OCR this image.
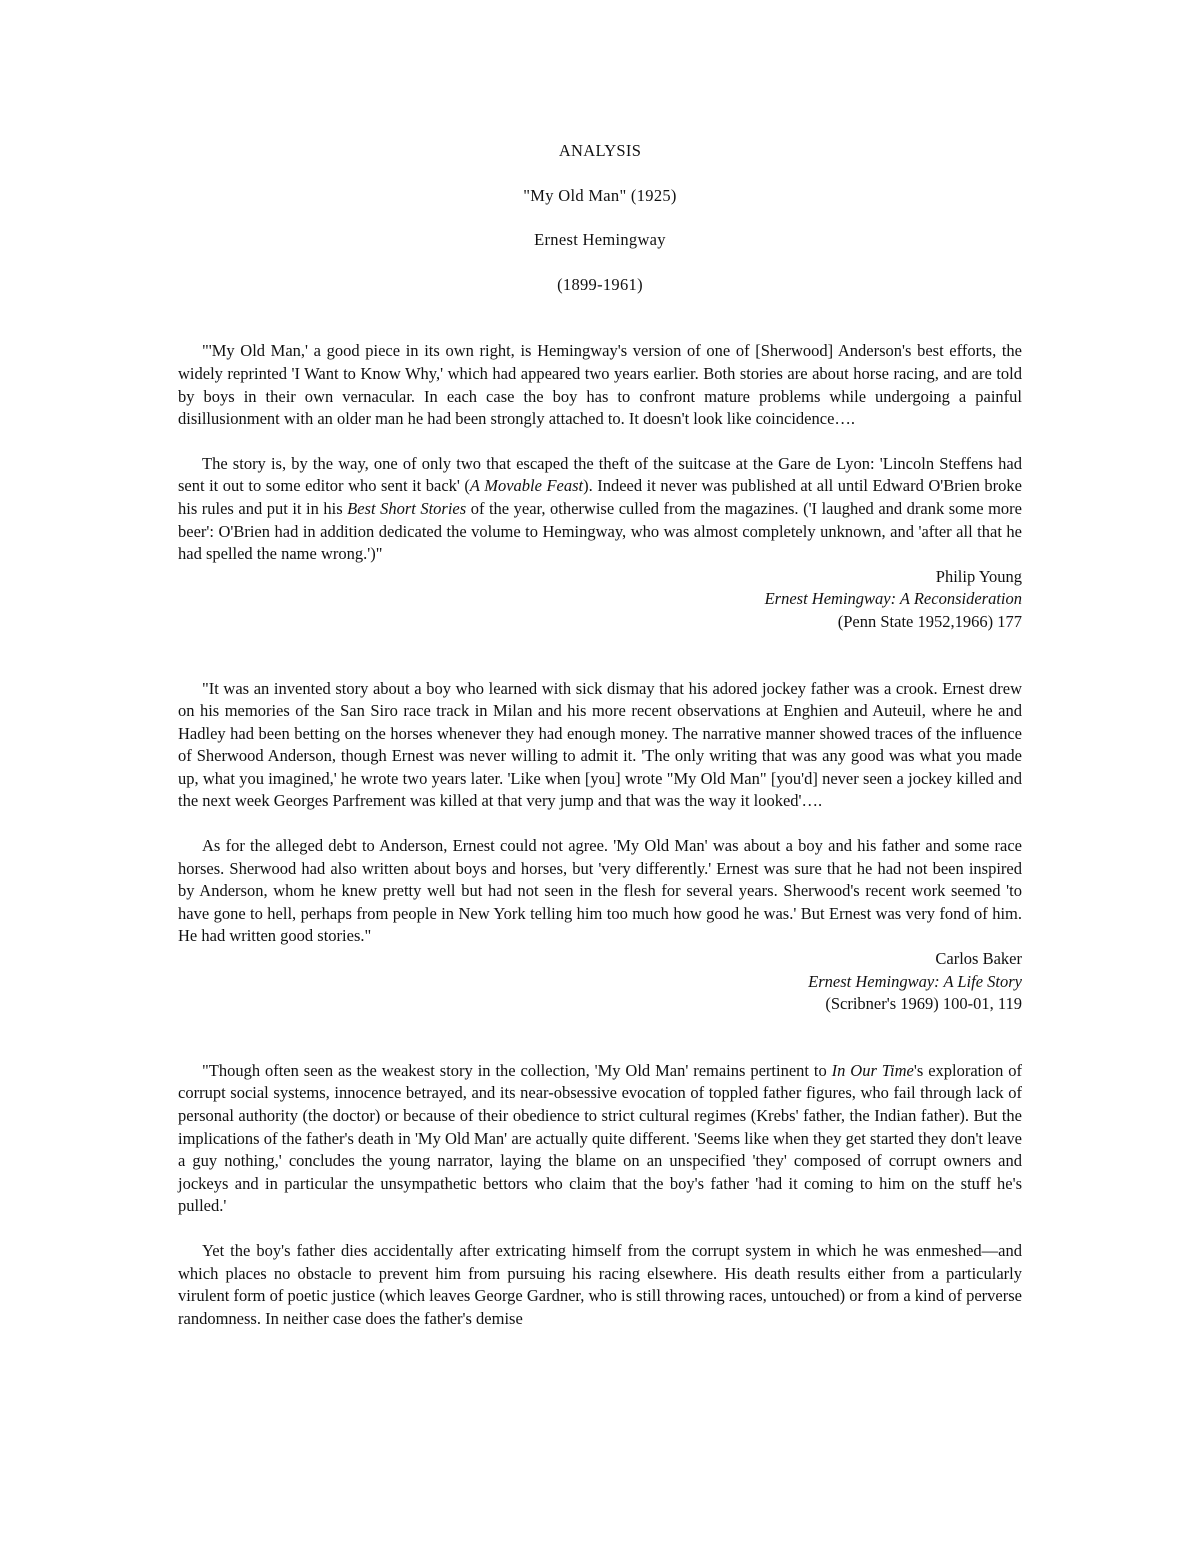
ANALYSIS
"My Old Man" (1925)
Ernest Hemingway
(1899-1961)

"'My Old Man,' a good piece in its own right, is Hemingway's version of one of [Sherwood] Anderson's best efforts, the widely reprinted 'I Want to Know Why,' which had appeared two years earlier. Both stories are about horse racing, and are told by boys in their own vernacular. In each case the boy has to confront mature problems while undergoing a painful disillusionment with an older man he had been strongly attached to. It doesn't look like coincidence….

The story is, by the way, one of only two that escaped the theft of the suitcase at the Gare de Lyon: 'Lincoln Steffens had sent it out to some editor who sent it back' (A Movable Feast). Indeed it never was published at all until Edward O'Brien broke his rules and put it in his Best Short Stories of the year, otherwise culled from the magazines. ('I laughed and drank some more beer': O'Brien had in addition dedicated the volume to Hemingway, who was almost completely unknown, and 'after all that he had spelled the name wrong.')"

Philip Young
Ernest Hemingway: A Reconsideration
(Penn State 1952,1966) 177

"It was an invented story about a boy who learned with sick dismay that his adored jockey father was a crook. Ernest drew on his memories of the San Siro race track in Milan and his more recent observations at Enghien and Auteuil, where he and Hadley had been betting on the horses whenever they had enough money. The narrative manner showed traces of the influence of Sherwood Anderson, though Ernest was never willing to admit it. 'The only writing that was any good was what you made up, what you imagined,' he wrote two years later. 'Like when [you] wrote "My Old Man" [you'd] never seen a jockey killed and the next week Georges Parfrement was killed at that very jump and that was the way it looked'….

As for the alleged debt to Anderson, Ernest could not agree. 'My Old Man' was about a boy and his father and some race horses. Sherwood had also written about boys and horses, but 'very differently.' Ernest was sure that he had not been inspired by Anderson, whom he knew pretty well but had not seen in the flesh for several years. Sherwood's recent work seemed 'to have gone to hell, perhaps from people in New York telling him too much how good he was.' But Ernest was very fond of him. He had written good stories."

Carlos Baker
Ernest Hemingway: A Life Story
(Scribner's 1969) 100-01, 119

"Though often seen as the weakest story in the collection, 'My Old Man' remains pertinent to In Our Time's exploration of corrupt social systems, innocence betrayed, and its near-obsessive evocation of toppled father figures, who fail through lack of personal authority (the doctor) or because of their obedience to strict cultural regimes (Krebs' father, the Indian father). But the implications of the father's death in 'My Old Man' are actually quite different. 'Seems like when they get started they don't leave a guy nothing,' concludes the young narrator, laying the blame on an unspecified 'they' composed of corrupt owners and jockeys and in particular the unsympathetic bettors who claim that the boy's father 'had it coming to him on the stuff he's pulled.'

Yet the boy's father dies accidentally after extricating himself from the corrupt system in which he was enmeshed—and which places no obstacle to prevent him from pursuing his racing elsewhere. His death results either from a particularly virulent form of poetic justice (which leaves George Gardner, who is still throwing races, untouched) or from a kind of perverse randomness. In neither case does the father's demise
